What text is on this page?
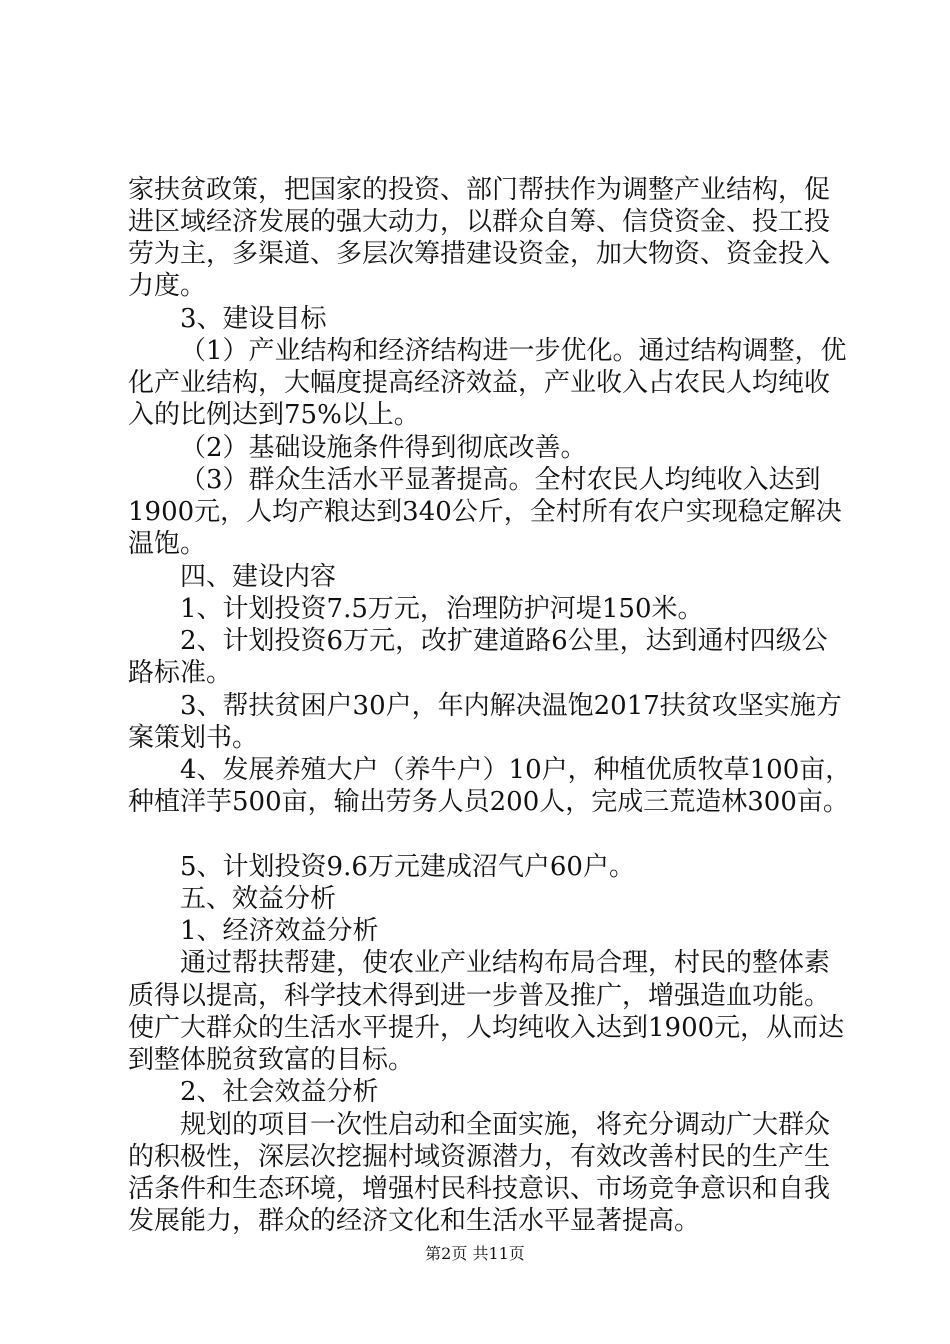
家扶贫政策，把国家的投资、部门帮扶作为调整产业结构，促
进区域经济发展的强大动力，以群众自筹、信贷资金、投工投
劳为主，多渠道、多层次筹措建设资金，加大物资、资金投入
力度。
3、建设目标
（1）产业结构和经济结构进一步优化。通过结构调整，优
化产业结构，大幅度提高经济效益，产业收入占农民人均纯收
入的比例达到75%以上。
（2）基础设施条件得到彻底改善。
（3）群众生活水平显著提高。全村农民人均纯收入达到
1900元，人均产粮达到340公斤，全村所有农户实现稳定解决
温饱。
四、建设内容
1、计划投资7.5万元，治理防护河堤150米。
2、计划投资6万元，改扩建道路6公里，达到通村四级公
路标准。
3、帮扶贫困户30户，年内解决温饱2017扶贫攻坚实施方
案策划书。
4、发展养殖大户（养牛户）10户，种植优质牧草100亩，
种植洋芋500亩，输出劳务人员200人，完成三荒造林300亩。
5、计划投资9.6万元建成沼气户60户。
五、效益分析
1、经济效益分析
通过帮扶帮建，使农业产业结构布局合理，村民的整体素
质得以提高，科学技术得到进一步普及推广，增强造血功能。
使广大群众的生活水平提升，人均纯收入达到1900元，从而达
到整体脱贫致富的目标。
2、社会效益分析
规划的项目一次性启动和全面实施，将充分调动广大群众
的积极性，深层次挖掘村域资源潜力，有效改善村民的生产生
活条件和生态环境，增强村民科技意识、市场竞争意识和自我
发展能力，群众的经济文化和生活水平显著提高。
第2页 共11页
